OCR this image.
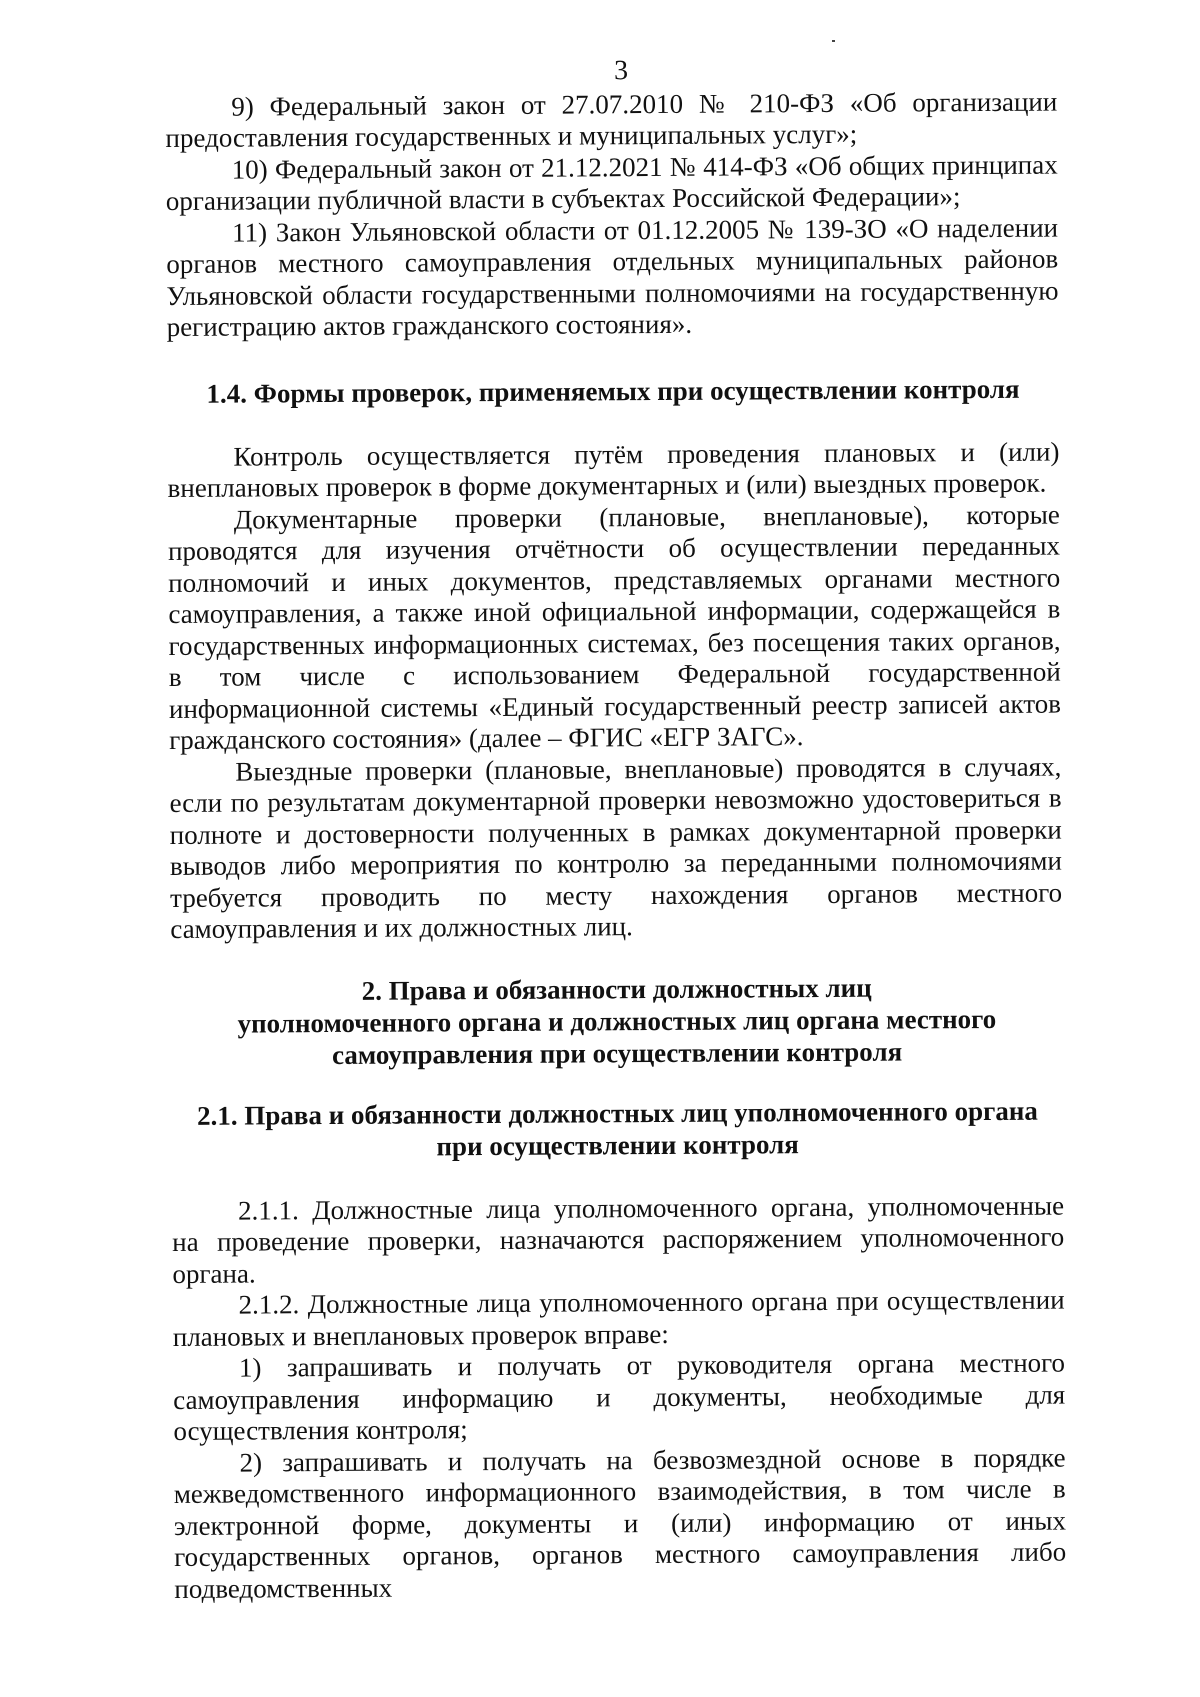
3

9) Федеральный закон от 27.07.2010 № 210-ФЗ «Об организации предоставления государственных и муниципальных услуг»;

10) Федеральный закон от 21.12.2021 № 414-ФЗ «Об общих принципах организации публичной власти в субъектах Российской Федерации»;

11) Закон Ульяновской области от 01.12.2005 № 139-ЗО «О наделении органов местного самоуправления отдельных муниципальных районов Ульяновской области государственными полномочиями на государственную регистрацию актов гражданского состояния».

1.4. Формы проверок, применяемых при осуществлении контроля

Контроль осуществляется путём проведения плановых и (или) внеплановых проверок в форме документарных и (или) выездных проверок.

Документарные проверки (плановые, внеплановые), которые проводятся для изучения отчётности об осуществлении переданных полномочий и иных документов, представляемых органами местного самоуправления, а также иной официальной информации, содержащейся в государственных информационных системах, без посещения таких органов, в том числе с использованием Федеральной государственной информационной системы «Единый государственный реестр записей актов гражданского состояния» (далее – ФГИС «ЕГР ЗАГС».

Выездные проверки (плановые, внеплановые) проводятся в случаях, если по результатам документарной проверки невозможно удостовериться в полноте и достоверности полученных в рамках документарной проверки выводов либо мероприятия по контролю за переданными полномочиями требуется проводить по месту нахождения органов местного самоуправления и их должностных лиц.

2. Права и обязанности должностных лиц
уполномоченного органа и должностных лиц органа местного
самоуправления при осуществлении контроля

2.1. Права и обязанности должностных лиц уполномоченного органа
при осуществлении контроля

2.1.1. Должностные лица уполномоченного органа, уполномоченные на проведение проверки, назначаются распоряжением уполномоченного органа.

2.1.2. Должностные лица уполномоченного органа при осуществлении плановых и внеплановых проверок вправе:

1) запрашивать и получать от руководителя органа местного самоуправления информацию и документы, необходимые для осуществления контроля;

2) запрашивать и получать на безвозмездной основе в порядке межведомственного информационного взаимодействия, в том числе в электронной форме, документы и (или) информацию от иных государственных органов, органов местного самоуправления либо подведомственных
